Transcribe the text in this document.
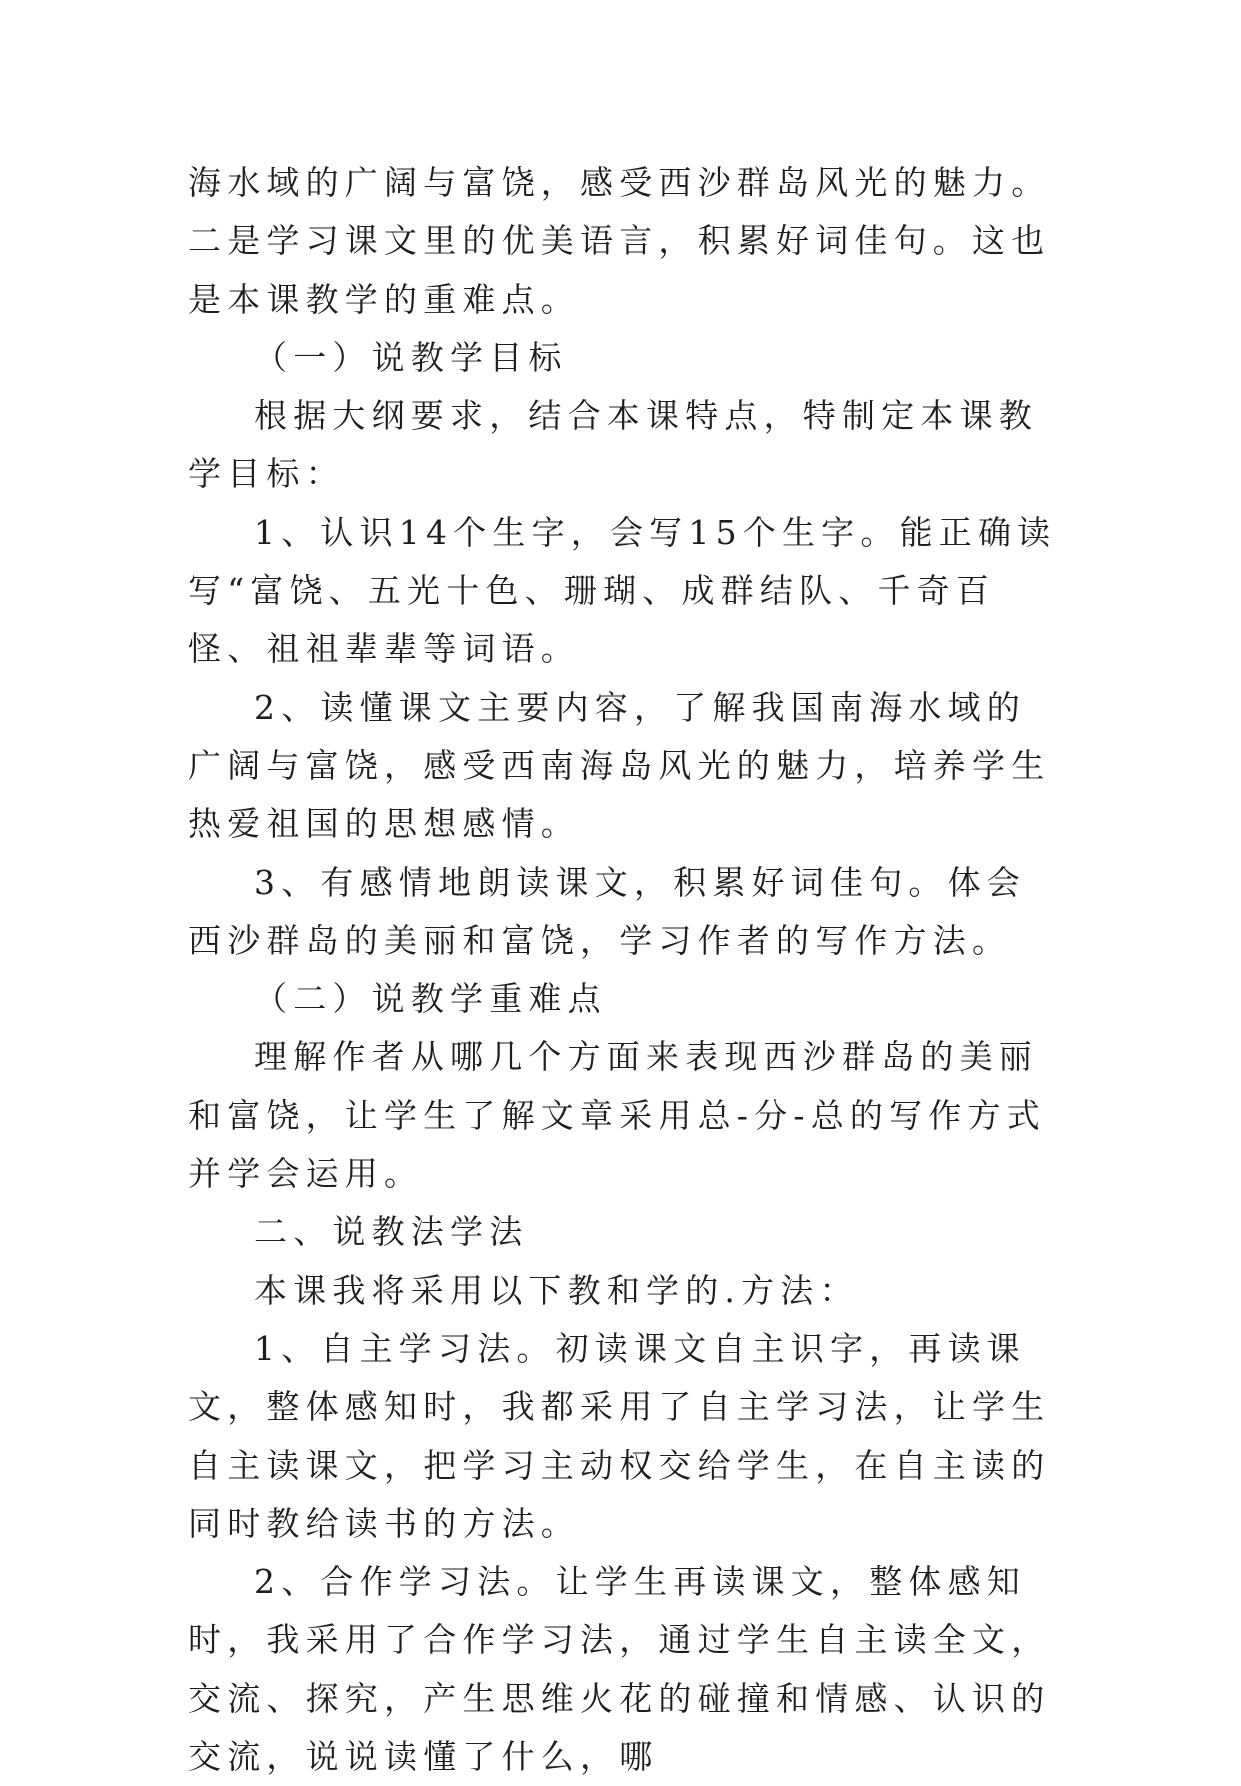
海水域的广阔与富饶，感受西沙群岛风光的魅力。二是学习课文里的优美语言，积累好词佳句。这也是本课教学的重难点。

（一）说教学目标

根据大纲要求，结合本课特点，特制定本课教学目标：

1、认识14个生字，会写15个生字。能正确读写“富饶、五光十色、珊瑚、成群结队、千奇百怪、祖祖辈辈等词语。

2、读懂课文主要内容，了解我国南海水域的广阔与富饶，感受西南海岛风光的魅力，培养学生热爱祖国的思想感情。

3、有感情地朗读课文，积累好词佳句。体会西沙群岛的美丽和富饶，学习作者的写作方法。

（二）说教学重难点

理解作者从哪几个方面来表现西沙群岛的美丽和富饶，让学生了解文章采用总-分-总的写作方式并学会运用。

二、说教法学法

本课我将采用以下教和学的.方法：

1、自主学习法。初读课文自主识字，再读课文，整体感知时，我都采用了自主学习法，让学生自主读课文，把学习主动权交给学生，在自主读的同时教给读书的方法。

2、合作学习法。让学生再读课文，整体感知时，我采用了合作学习法，通过学生自主读全文，交流、探究，产生思维火花的碰撞和情感、认识的交流，说说读懂了什么，哪
